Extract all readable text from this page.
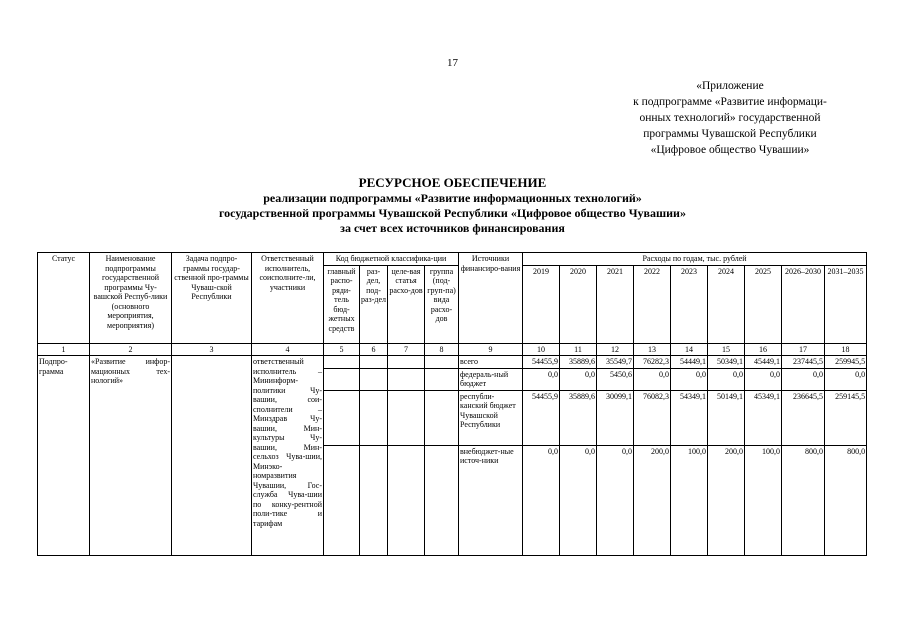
17
«Приложение
к подпрограмме «Развитие информаци-
онных технологий» государственной
программы Чувашской Республики
«Цифровое общество Чувашии»
РЕСУРСНОЕ ОБЕСПЕЧЕНИЕ
реализации подпрограммы «Развитие информационных технологий»
государственной программы Чувашской Республики «Цифровое общество Чувашии»
за счет всех источников финансирования
Статус	Наименование подпрограммы государственной программы Чу-вашской Респуб-лики (основного мероприятия, мероприятия)	Задача подпро-граммы государ-ственной про-граммы Чуваш-ской Республики	Ответственный исполнитель, соисполните-ли, участники	Код бюджетной классифика-ции				Источники финансиро-вания	Расходы по годам, тыс. рублей								
				главный распо-ряди-тель бюд-жетных средств	раз-дел, под-раз-дел	целе-вая статья расхо-дов	группа (под-груп-па) вида расхо-дов		2019	2020	2021	2022	2023	2024	2025	2026–2030	2031–2035
1	2	3	4	5	6	7	8	9	10	11	12	13	14	15	16	17	18
Подпро-грамма	«Развитие инфор-мационных тех-нологий»		ответственный исполнитель – Мининформ-политики Чу-вашии, сои-сполнители – Минздрав Чу-вашии, Мин-культуры Чу-вашии, Мин-сельхоз Чува-шии, Минэко-номразвития Чувашии, Гос-служба Чува-шии по конку-рентной поли-тике и тарифам					всего	54455,9	35889,6	35549,7	76282,3	54449,1	50349,1	45449,1	237445,5	259945,5
								федераль-ный бюджет	0,0	0,0	5450,6	0,0	0,0	0,0	0,0	0,0	0,0
								республи-канский бюджет Чувашской Республики	54455,9	35889,6	30099,1	76082,3	54349,1	50149,1	45349,1	236645,5	259145,5
								внебюджет-ные источ-ники	0,0	0,0	0,0	200,0	100,0	200,0	100,0	800,0	800,0
